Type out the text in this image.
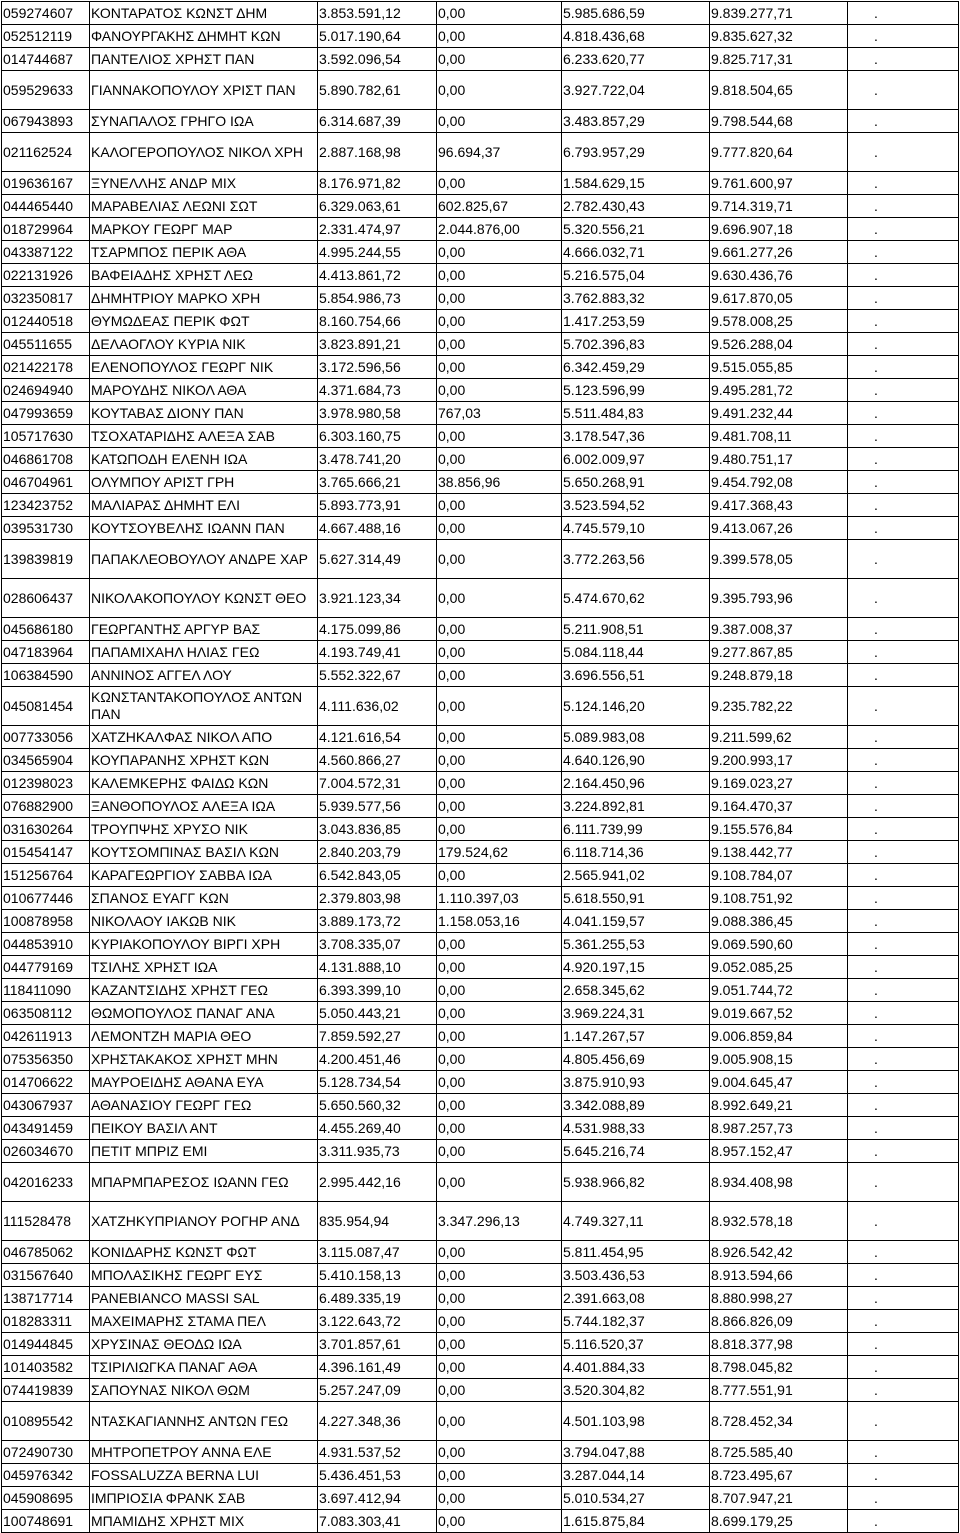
059274607	ΚΟΝΤΑΡΑΤΟΣ ΚΩΝΣΤ ΔΗΜ	3.853.591,12	0,00	5.985.686,59	9.839.277,71	.
052512119	ΦΑΝΟΥΡΓΑΚΗΣ ΔΗΜΗΤ ΚΩΝ	5.017.190,64	0,00	4.818.436,68	9.835.627,32	.
014744687	ΠΑΝΤΕΛΙΟΣ ΧΡΗΣΤ ΠΑΝ	3.592.096,54	0,00	6.233.620,77	9.825.717,31	.
059529633	ΓΙΑΝΝΑΚΟΠΟΥΛΟΥ ΧΡΙΣΤ ΠΑΝ	5.890.782,61	0,00	3.927.722,04	9.818.504,65	.
067943893	ΣΥΝΑΠΑΛΟΣ ΓΡΗΓΟ ΙΩΑ	6.314.687,39	0,00	3.483.857,29	9.798.544,68	.
021162524	ΚΑΛΟΓΕΡΟΠΟΥΛΟΣ ΝΙΚΟΛ ΧΡΗ	2.887.168,98	96.694,37	6.793.957,29	9.777.820,64	.
019636167	ΞΥΝΕΛΛΗΣ ΑΝΔΡ ΜΙΧ	8.176.971,82	0,00	1.584.629,15	9.761.600,97	.
044465440	ΜΑΡΑΒΕΛΙΑΣ ΛΕΩΝΙ ΣΩΤ	6.329.063,61	602.825,67	2.782.430,43	9.714.319,71	.
018729964	ΜΑΡΚΟΥ ΓΕΩΡΓ ΜΑΡ	2.331.474,97	2.044.876,00	5.320.556,21	9.696.907,18	.
043387122	ΤΣΑΡΜΠΟΣ ΠΕΡΙΚ ΑΘΑ	4.995.244,55	0,00	4.666.032,71	9.661.277,26	.
022131926	ΒΑΦΕΙΑΔΗΣ ΧΡΗΣΤ ΛΕΩ	4.413.861,72	0,00	5.216.575,04	9.630.436,76	.
032350817	ΔΗΜΗΤΡΙΟΥ ΜΑΡΚΟ ΧΡΗ	5.854.986,73	0,00	3.762.883,32	9.617.870,05	.
012440518	ΘΥΜΩΔΕΑΣ ΠΕΡΙΚ ΦΩΤ	8.160.754,66	0,00	1.417.253,59	9.578.008,25	.
045511655	ΔΕΛΑΟΓΛΟΥ ΚΥΡΙΑ ΝΙΚ	3.823.891,21	0,00	5.702.396,83	9.526.288,04	.
021422178	ΕΛΕΝΟΠΟΥΛΟΣ ΓΕΩΡΓ ΝΙΚ	3.172.596,56	0,00	6.342.459,29	9.515.055,85	.
024694940	ΜΑΡΟΥΔΗΣ ΝΙΚΟΛ ΑΘΑ	4.371.684,73	0,00	5.123.596,99	9.495.281,72	.
047993659	ΚΟΥΤΑΒΑΣ ΔΙΟΝΥ ΠΑΝ	3.978.980,58	767,03	5.511.484,83	9.491.232,44	.
105717630	ΤΣΟΧΑΤΑΡΙΔΗΣ ΑΛΕΞΑ ΣΑΒ	6.303.160,75	0,00	3.178.547,36	9.481.708,11	.
046861708	ΚΑΤΩΠΟΔΗ ΕΛΕΝΗ ΙΩΑ	3.478.741,20	0,00	6.002.009,97	9.480.751,17	.
046704961	ΟΛΥΜΠΟΥ ΑΡΙΣΤ ΓΡΗ	3.765.666,21	38.856,96	5.650.268,91	9.454.792,08	.
123423752	ΜΑΛΙΑΡΑΣ ΔΗΜΗΤ ΕΛΙ	5.893.773,91	0,00	3.523.594,52	9.417.368,43	.
039531730	ΚΟΥΤΣΟΥΒΕΛΗΣ ΙΩΑΝΝ ΠΑΝ	4.667.488,16	0,00	4.745.579,10	9.413.067,26	.
139839819	ΠΑΠΑΚΛΕΟΒΟΥΛΟΥ ΑΝΔΡΕ ΧΑΡ	5.627.314,49	0,00	3.772.263,56	9.399.578,05	.
028606437	ΝΙΚΟΛΑΚΟΠΟΥΛΟΥ ΚΩΝΣΤ ΘΕΟ	3.921.123,34	0,00	5.474.670,62	9.395.793,96	.
045686180	ΓΕΩΡΓΑΝΤΗΣ ΑΡΓΥΡ ΒΑΣ	4.175.099,86	0,00	5.211.908,51	9.387.008,37	.
047183964	ΠΑΠΑΜΙΧΑΗΛ ΗΛΙΑΣ ΓΕΩ	4.193.749,41	0,00	5.084.118,44	9.277.867,85	.
106384590	ΑΝΝΙΝΟΣ ΑΓΓΕΛ ΛΟΥ	5.552.322,67	0,00	3.696.556,51	9.248.879,18	.
045081454	ΚΩΝΣΤΑΝΤΑΚΟΠΟΥΛΟΣ ΑΝΤΩΝ ΠΑΝ	4.111.636,02	0,00	5.124.146,20	9.235.782,22	.
007733056	ΧΑΤΖΗΚΑΛΦΑΣ ΝΙΚΟΛ ΑΠΟ	4.121.616,54	0,00	5.089.983,08	9.211.599,62	.
034565904	ΚΟΥΠΑΡΑΝΗΣ ΧΡΗΣΤ ΚΩΝ	4.560.866,27	0,00	4.640.126,90	9.200.993,17	.
012398023	ΚΑΛΕΜΚΕΡΗΣ ΦΑΙΔΩ ΚΩΝ	7.004.572,31	0,00	2.164.450,96	9.169.023,27	.
076882900	ΞΑΝΘΟΠΟΥΛΟΣ ΑΛΕΞΑ ΙΩΑ	5.939.577,56	0,00	3.224.892,81	9.164.470,37	.
031630264	ΤΡΟΥΠΨΗΣ ΧΡΥΣΟ ΝΙΚ	3.043.836,85	0,00	6.111.739,99	9.155.576,84	.
015454147	ΚΟΥΤΣΟΜΠΙΝΑΣ ΒΑΣΙΛ ΚΩΝ	2.840.203,79	179.524,62	6.118.714,36	9.138.442,77	.
151256764	ΚΑΡΑΓΕΩΡΓΙΟΥ ΣΑΒΒΑ ΙΩΑ	6.542.843,05	0,00	2.565.941,02	9.108.784,07	.
010677446	ΣΠΑΝΟΣ ΕΥΑΓΓ ΚΩΝ	2.379.803,98	1.110.397,03	5.618.550,91	9.108.751,92	.
100878958	ΝΙΚΟΛΑΟΥ ΙΑΚΩΒ ΝΙΚ	3.889.173,72	1.158.053,16	4.041.159,57	9.088.386,45	.
044853910	ΚΥΡΙΑΚΟΠΟΥΛΟΥ ΒΙΡΓΙ ΧΡΗ	3.708.335,07	0,00	5.361.255,53	9.069.590,60	.
044779169	ΤΣΙΛΗΣ ΧΡΗΣΤ ΙΩΑ	4.131.888,10	0,00	4.920.197,15	9.052.085,25	.
118411090	ΚΑΖΑΝΤΣΙΔΗΣ ΧΡΗΣΤ ΓΕΩ	6.393.399,10	0,00	2.658.345,62	9.051.744,72	.
063508112	ΘΩΜΟΠΟΥΛΟΣ ΠΑΝΑΓ ΑΝΑ	5.050.443,21	0,00	3.969.224,31	9.019.667,52	.
042611913	ΛΕΜΟΝΤΖΗ ΜΑΡΙΑ ΘΕΟ	7.859.592,27	0,00	1.147.267,57	9.006.859,84	.
075356350	ΧΡΗΣΤΑΚΑΚΟΣ ΧΡΗΣΤ ΜΗΝ	4.200.451,46	0,00	4.805.456,69	9.005.908,15	.
014706622	ΜΑΥΡΟΕΙΔΗΣ ΑΘΑΝΑ ΕΥΑ	5.128.734,54	0,00	3.875.910,93	9.004.645,47	.
043067937	ΑΘΑΝΑΣΙΟΥ ΓΕΩΡΓ ΓΕΩ	5.650.560,32	0,00	3.342.088,89	8.992.649,21	.
043491459	ΠΕΙΚΟΥ ΒΑΣΙΛ ΑΝΤ	4.455.269,40	0,00	4.531.988,33	8.987.257,73	.
026034670	ΠΕΤΙΤ ΜΠΡΙΖ ΕΜΙ	3.311.935,73	0,00	5.645.216,74	8.957.152,47	.
042016233	ΜΠΑΡΜΠΑΡΕΣΟΣ ΙΩΑΝΝ ΓΕΩ	2.995.442,16	0,00	5.938.966,82	8.934.408,98	.
111528478	ΧΑΤΖΗΚΥΠΡΙΑΝΟΥ ΡΟΓΗΡ ΑΝΔ	835.954,94	3.347.296,13	4.749.327,11	8.932.578,18	.
046785062	ΚΟΝΙΔΑΡΗΣ ΚΩΝΣΤ ΦΩΤ	3.115.087,47	0,00	5.811.454,95	8.926.542,42	.
031567640	ΜΠΟΛΑΣΙΚΗΣ ΓΕΩΡΓ ΕΥΣ	5.410.158,13	0,00	3.503.436,53	8.913.594,66	.
138717714	PANEBIANCO MASSI SAL	6.489.335,19	0,00	2.391.663,08	8.880.998,27	.
018283311	ΜΑΧΕΙΜΑΡΗΣ ΣΤΑΜΑ ΠΕΛ	3.122.643,72	0,00	5.744.182,37	8.866.826,09	.
014944845	ΧΡΥΣΙΝΑΣ ΘΕΟΔΩ ΙΩΑ	3.701.857,61	0,00	5.116.520,37	8.818.377,98	.
101403582	ΤΣΙΡΙΛΙΩΓΚΑ ΠΑΝΑΓ ΑΘΑ	4.396.161,49	0,00	4.401.884,33	8.798.045,82	.
074419839	ΣΑΠΟΥΝΑΣ ΝΙΚΟΛ ΘΩΜ	5.257.247,09	0,00	3.520.304,82	8.777.551,91	.
010895542	ΝΤΑΣΚΑΓΙΑΝΝΗΣ ΑΝΤΩΝ ΓΕΩ	4.227.348,36	0,00	4.501.103,98	8.728.452,34	.
072490730	ΜΗΤΡΟΠΕΤΡΟΥ ΑΝΝΑ ΕΛΕ	4.931.537,52	0,00	3.794.047,88	8.725.585,40	.
045976342	FOSSALUZZA BERNA LUI	5.436.451,53	0,00	3.287.044,14	8.723.495,67	.
045908695	ΙΜΠΡΙΟΣΙΑ ΦΡΑΝΚ ΣΑΒ	3.697.412,94	0,00	5.010.534,27	8.707.947,21	.
100748691	ΜΠΑΜΙΔΗΣ ΧΡΗΣΤ ΜΙΧ	7.083.303,41	0,00	1.615.875,84	8.699.179,25	.
